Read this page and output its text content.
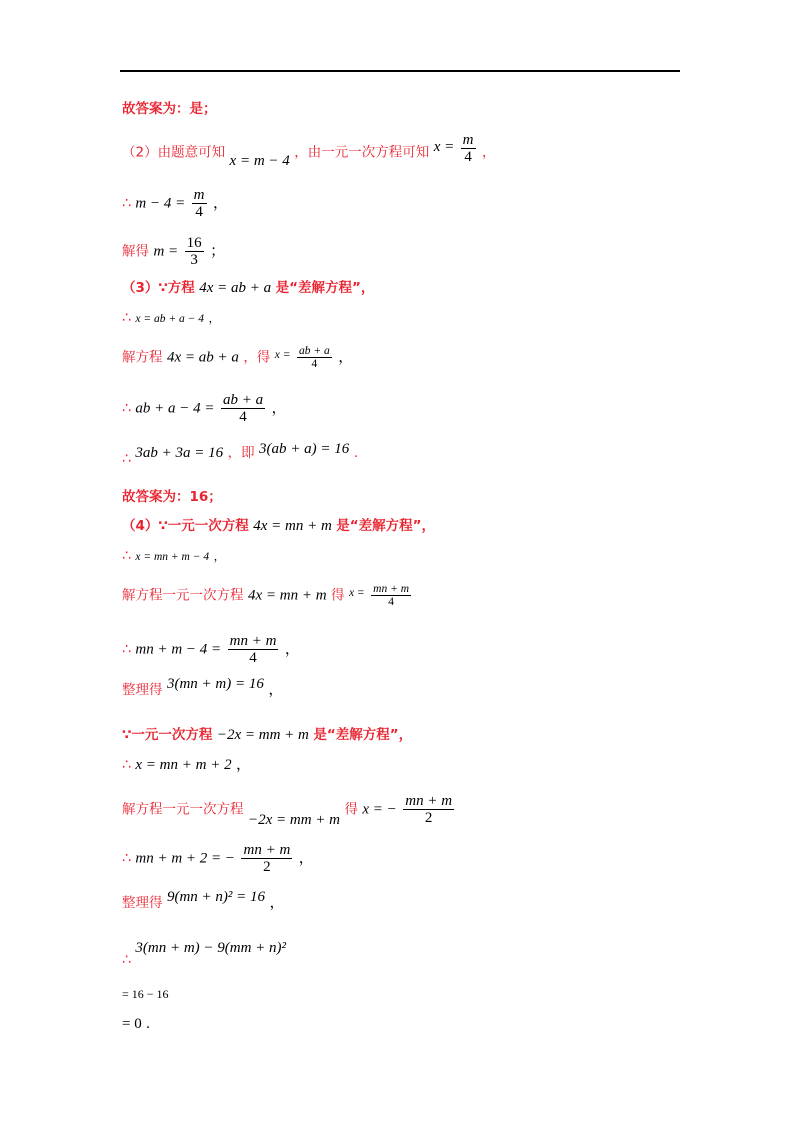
故答案为：是；
（2）由题意可知 x = m − 4 ，由一元一次方程可知 $x = \frac{m}{4}$ ，
∴ $m - 4 = \frac{m}{4}$ ，
解得 $m = \frac{16}{3}$ ；
（3）∵方程 4x = ab + a 是“差解方程”，
∴ x = ab + a − 4 ，
解方程 4x = ab + a ，得 $^{x =} \frac{ab + a}{4}$ ，
∴ ab + $a - 4 = \frac{ab + a}{4}$ ，
∴ 3ab + 3a = 16 ，即 3(ab + a) = 16 .
故答案为：16；
（4）∵一元一次方程 4x = mn + m 是“差解方程”，
∴ x = mn + m − 4 ，
解方程一元一次方程 4x = mn + m 得 $^{x =} \frac{mn + m}{4}$
∴ mn + $m - 4 = \frac{mn + m}{4}$ ，
整理得 3(mn + m) = 16 ，
∵一元一次方程 −2x = mm + m 是“差解方程”，
∴ x = mn + m + 2 ，
解方程一元一次方程 −2x = mm + m 得 x = − $\frac{mn + m}{2}$
∴ mn + m + 2 = − $\frac{mn + m}{2}$ ，
整理得 9(mn + n)² = 16 ，
∴ 3(mn + m) − 9(mm + n)²
= 16 − 16
= 0 .
